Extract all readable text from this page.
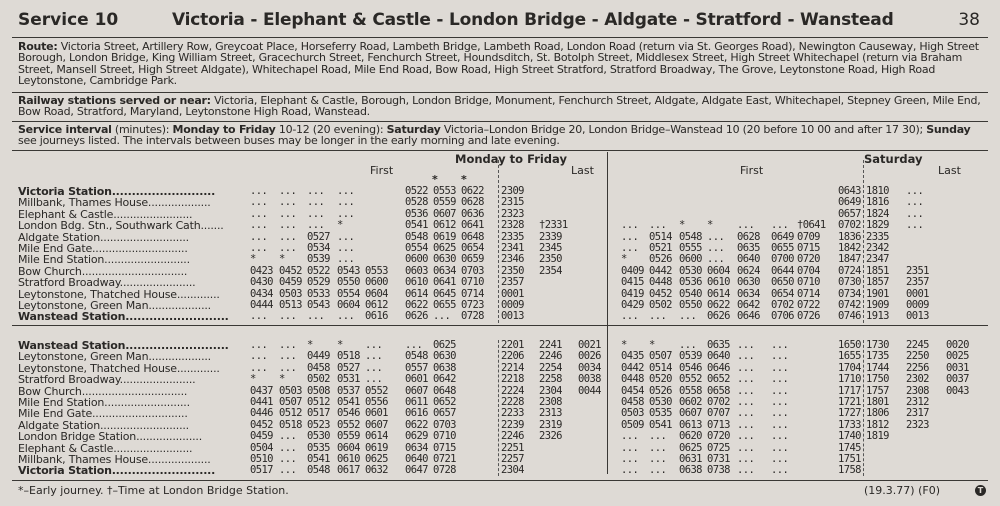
Service 10	Victoria - Elephant & Castle - London Bridge - Aldgate - Stratford - Wanstead	38
Route: Victoria Street, Artillery Row, Greycoat Place, Horseferry Road, Lambeth Bridge, Lambeth Road, London Road (return via St. Georges Road), Newington Causeway, High Street Borough, London Bridge, King William Street, Gracechurch Street, Fenchurch Street, Houndsditch, St. Botolph Street, Middlesex Street, High Street Whitechapel (return via Braham Street, Mansell Street, High Street Aldgate), Whitechapel Road, Mile End Road, Bow Road, High Street Stratford, Stratford Broadway, The Grove, Leytonstone Road, High Road Leytonstone, Cambridge Park.
Railway stations served or near: Victoria, Elephant & Castle, Borough, London Bridge, Monument, Fenchurch Street, Aldgate, Aldgate East, Whitechapel, Stepney Green, Mile End, Bow Road, Stratford, Maryland, Leytonstone High Road, Wanstead.
Service interval (minutes): Monday to Friday 10-12 (20 evening): Saturday Victoria–London Bridge 20, London Bridge–Wanstead 10 (20 before 10 00 and after 17 30); Sunday see journeys listed. The intervals between buses may be longer in the early morning and late evening.
Monday to Friday	Saturday
First	Last	First	Last
* *
Victoria Station..........................	... ... ... ...	0522 0553 0622 2309	0643 1810 ...
Millbank, Thames House...................	... ... ... ...	0528 0559 0628 2315	0649 1816 ...
Elephant & Castle........................	... ... ... ...	0536 0607 0636 2323	0657 1824 ...
London Bdg. Stn., Southwark Cath.......	... ... ... *	0541 0612 0641 2328 †2331	... ... * * ... ... †0641 0702 1829 ...
Aldgate Station...........................	... ... 0527 ...	0548 0619 0648 2335 2339	... 0514 0548 ... 0628 0649 0709 1836 2335
Mile End Gate.............................	... ... 0534 ...	0554 0625 0654 2341 2345	... 0521 0555 ... 0635 0655 0715 1842 2342
Mile End Station..........................	* * 0539 ...	0600 0630 0659 2346 2350	* 0526 0600 ... 0640 0700 0720 1847 2347
Bow Church................................	0423 0452 0522 0543 0553 0603 0634 0703 2350 2354	0409 0442 0530 0604 0624 0644 0704 0724 1851 2351
Stratford Broadway.......................	0430 0459 0529 0550 0600 0610 0641 0710 2357	0415 0448 0536 0610 0630 0650 0710 0730 1857 2357
Leytonstone, Thatched House.............	0434 0503 0533 0554 0604 0614 0645 0714 0001	0419 0452 0540 0614 0634 0654 0714 0734 1901 0001
Leytonstone, Green Man...................	0444 0513 0543 0604 0612 0622 0655 0723 0009	0429 0502 0550 0622 0642 0702 0722 0742 1909 0009
Wanstead Station..........................	... ... ... ... 0616 0626 ... 0728 0013	... ... ... 0626 0646 0706 0726 0746 1913 0013
Wanstead Station..........................	... ... * * ... ... 0625	2201 2241 0021 * * ... 0635 ... ...	1650 1730 2245 0020
Leytonstone, Green Man...................	... ... 0449 0518 ... 0548 0630	2206 2246 0026 0435 0507 0539 0640 ... ...	1655 1735 2250 0025
Leytonstone, Thatched House.............	... ... 0458 0527 ... 0557 0638	2214 2254 0034 0442 0514 0546 0646 ... ...	1704 1744 2256 0031
Stratford Broadway.......................	* * 0502 0531 ... 0601 0642	2218 2258 0038 0448 0520 0552 0652 ... ...	1710 1750 2302 0037
Bow Church................................	0437 0503 0508 0537 0552 0607 0648	2224 2304 0044 0454 0526 0558 0658 ... ...	1717 1757 2308 0043
Mile End Station..........................	0441 0507 0512 0541 0556 0611 0652	2228 2308	0458 0530 0602 0702 ... ...	1721 1801 2312
Mile End Gate.............................	0446 0512 0517 0546 0601 0616 0657	2233 2313	0503 0535 0607 0707 ... ...	1727 1806 2317
Aldgate Station...........................	0452 0518 0523 0552 0607 0622 0703	2239 2319	0509 0541 0613 0713 ... ...	1733 1812 2323
London Bridge Station....................	0459 ... 0530 0559 0614 0629 0710	2246 2326	... ... 0620 0720 ... ...	1740 1819
Elephant & Castle........................	0504 ... 0535 0604 0619 0634 0715	2251	... ... 0625 0725 ... ...	1745
Millbank, Thames House...................	0510 ... 0541 0610 0625 0640 0721	2257	... ... 0631 0731 ... ...	1751
Victoria Station..........................	0517 ... 0548 0617 0632 0647 0728	2304	... ... 0638 0738 ... ...	1758
*–Early journey. †–Time at London Bridge Station.	(19.3.77) (F0)	T
